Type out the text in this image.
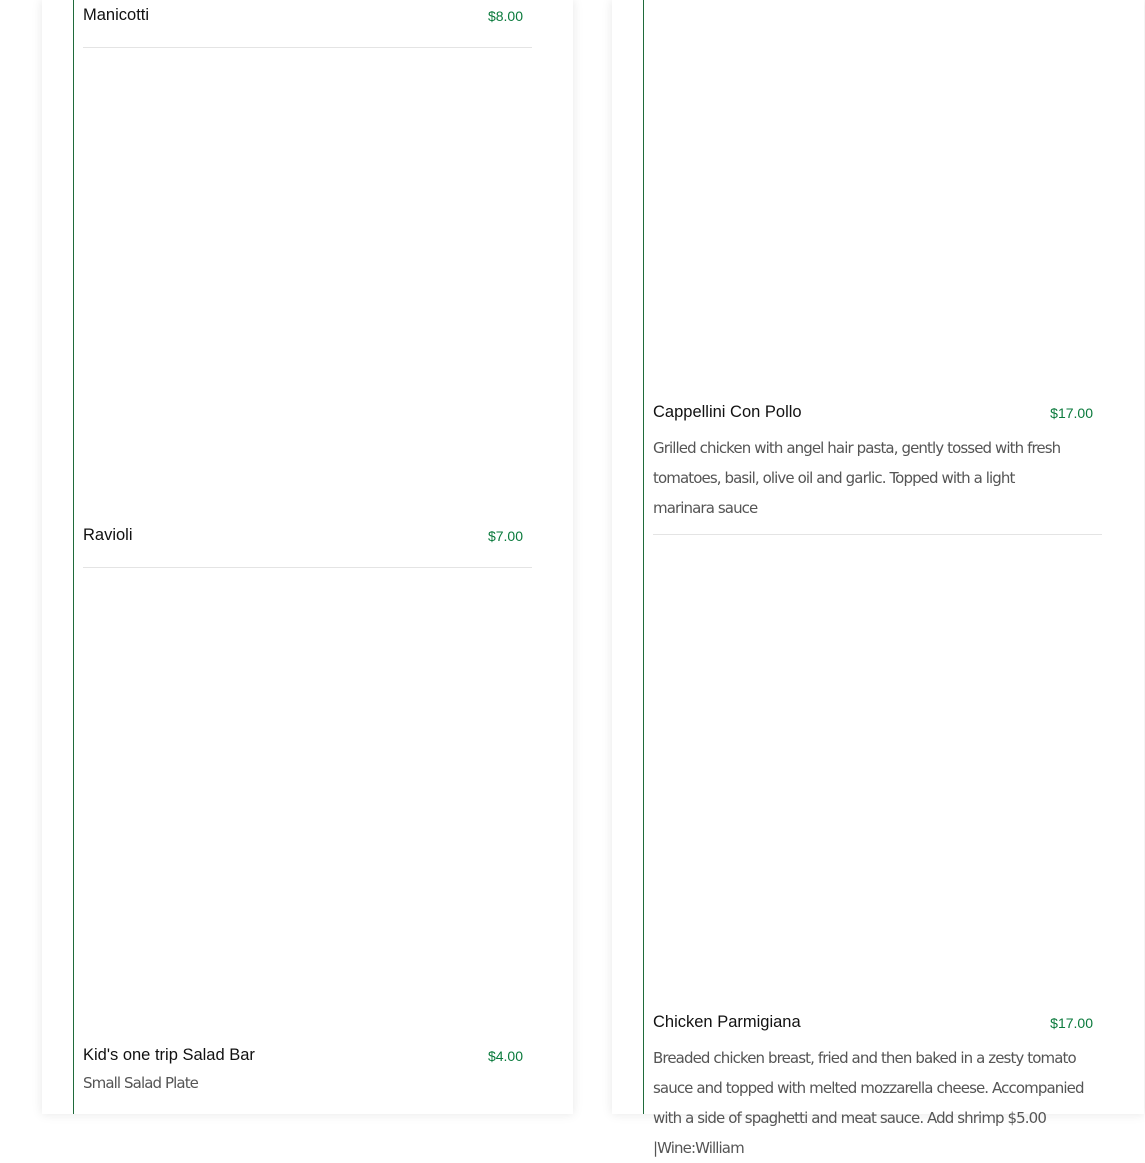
Manicotti	$8.00
Ravioli	$7.00
Kid's one trip Salad Bar	$4.00
Small Salad Plate
Cappellini Con Pollo	$17.00
Grilled chicken with angel hair pasta, gently tossed with fresh tomatoes, basil, olive oil and garlic. Topped with a light marinara sauce
Chicken Parmigiana	$17.00
Breaded chicken breast, fried and then baked in a zesty tomato sauce and topped with melted mozzarella cheese. Accompanied with a side of spaghetti and meat sauce. Add shrimp $5.00 |Wine:William
